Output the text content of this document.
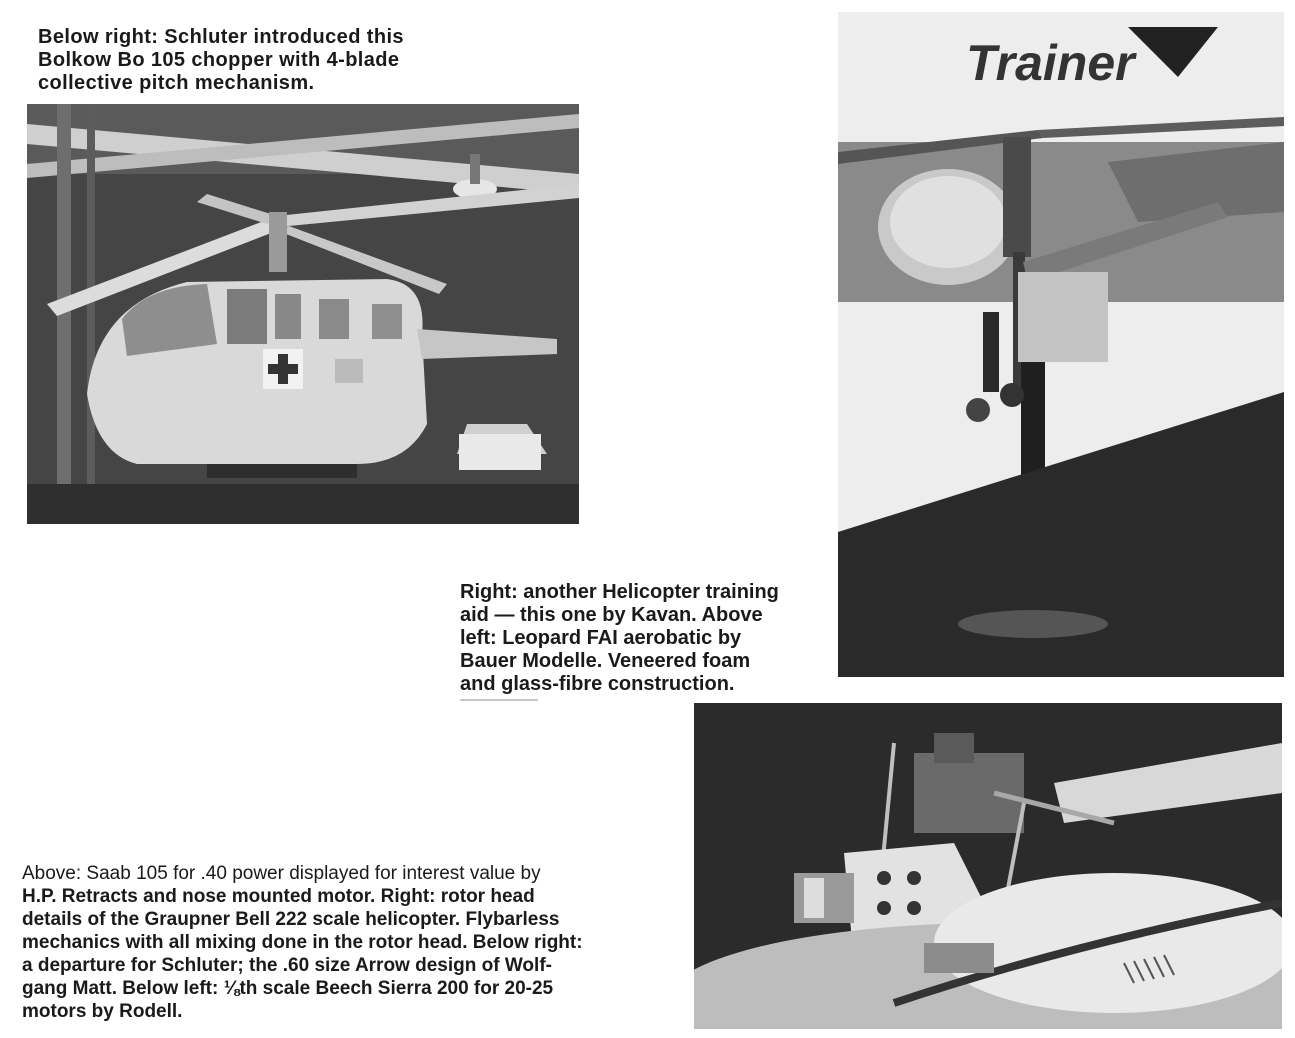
Below right: Schluter introduced this
Bolkow Bo 105 chopper with 4-blade
collective pitch mechanism.	Trainer
Right: another Helicopter training
aid — this one by Kavan. Above
left: Leopard FAI aerobatic by
Bauer Modelle. Veneered foam
and glass-fibre construction.
Above: Saab 105 for .40 power displayed for interest value by
H.P. Retracts and nose mounted motor. Right: rotor head
details of the Graupner Bell 222 scale helicopter. Flybarless
mechanics with all mixing done in the rotor head. Below right:
a departure for Schluter; the .60 size Arrow design of Wolf-
gang Matt. Below left: ⅛th scale Beech Sierra 200 for 20-25
motors by Rodell.
